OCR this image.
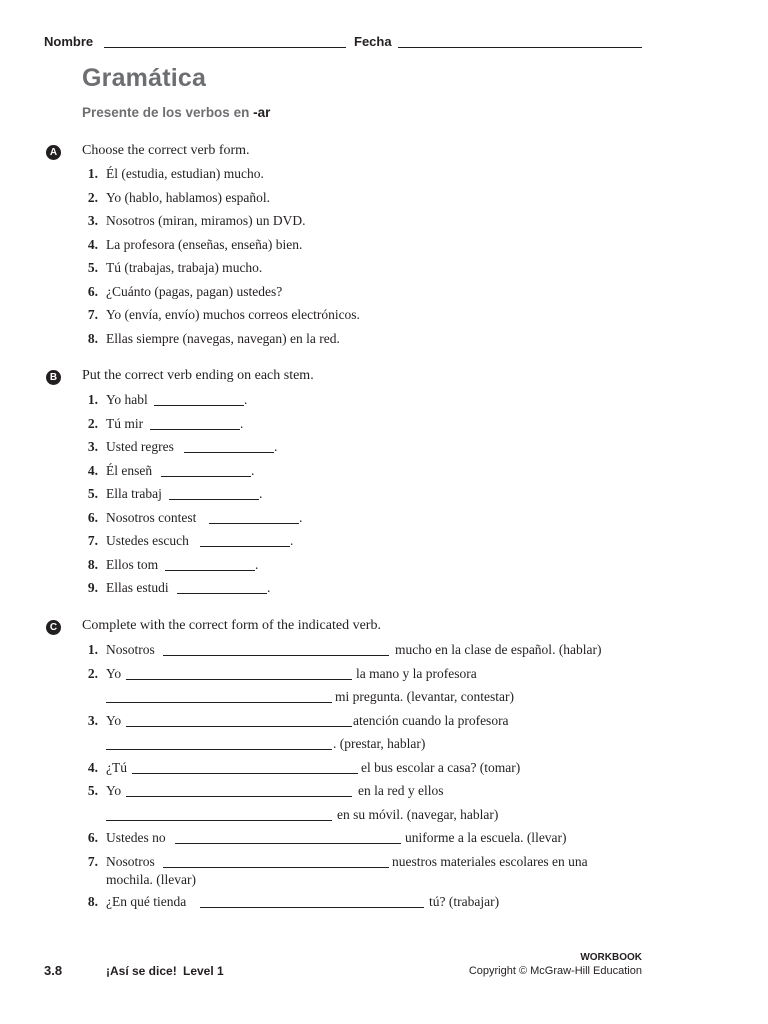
Nombre	Fecha
Gramática
Presente de los verbos en -ar
A Choose the correct verb form.
1. Él (estudia, estudian) mucho.
2. Yo (hablo, hablamos) español.
3. Nosotros (miran, miramos) un DVD.
4. La profesora (enseñas, enseña) bien.
5. Tú (trabajas, trabaja) mucho.
6. ¿Cuánto (pagas, pagan) ustedes?
7. Yo (envía, envío) muchos correos electrónicos.
8. Ellas siempre (navegas, navegan) en la red.
B Put the correct verb ending on each stem.
1. Yo habl	.
2. Tú mir	.
3. Usted regres	.
4. Él enseñ	.
5. Ella trabaj	.
6. Nosotros contest	.
7. Ustedes escuch	.
8. Ellos tom	.
9. Ellas estudi	.
C Complete with the correct form of the indicated verb.
1. Nosotros	mucho en la clase de español. (hablar)
2. Yo	la mano y la profesora
mi pregunta. (levantar, contestar)
3. Yo	atención cuando la profesora
. (prestar, hablar)
4. ¿Tú	el bus escolar a casa? (tomar)
5. Yo	en la red y ellos
en su móvil. (navegar, hablar)
6. Ustedes no	uniforme a la escuela. (llevar)
7. Nosotros	nuestros materiales escolares en una
mochila. (llevar)
8. ¿En qué tienda	tú? (trabajar)
3.8	¡Así se dice! Level 1
WORKBOOK
Copyright © McGraw-Hill Education
